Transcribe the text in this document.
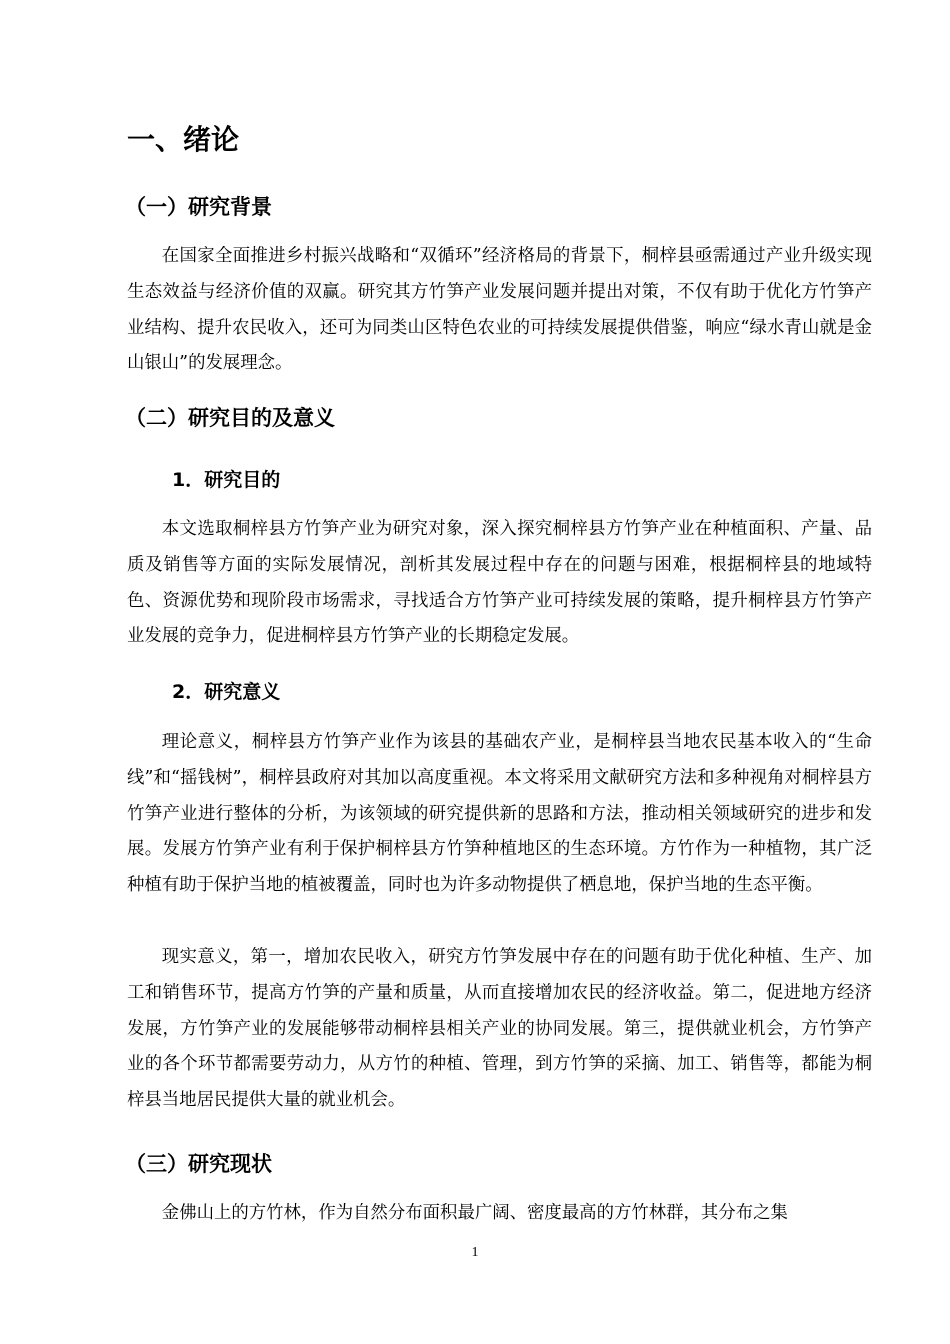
一、绪论
（一）研究背景

在国家全面推进乡村振兴战略和“双循环”经济格局的背景下，桐梓县亟需通过产业升级实现生态效益与经济价值的双赢。研究其方竹笋产业发展问题并提出对策，不仅有助于优化方竹笋产业结构、提升农民收入，还可为同类山区特色农业的可持续发展提供借鉴，响应“绿水青山就是金山银山”的发展理念。

（二）研究目的及意义
1．研究目的

本文选取桐梓县方竹笋产业为研究对象，深入探究桐梓县方竹笋产业在种植面积、产量、品质及销售等方面的实际发展情况，剖析其发展过程中存在的问题与困难，根据桐梓县的地域特色、资源优势和现阶段市场需求，寻找适合方竹笋产业可持续发展的策略，提升桐梓县方竹笋产业发展的竞争力，促进桐梓县方竹笋产业的长期稳定发展。

2．研究意义

理论意义，桐梓县方竹笋产业作为该县的基础农产业，是桐梓县当地农民基本收入的“生命线”和“摇钱树”，桐梓县政府对其加以高度重视。本文将采用文献研究方法和多种视角对桐梓县方竹笋产业进行整体的分析，为该领域的研究提供新的思路和方法，推动相关领域研究的进步和发展。发展方竹笋产业有利于保护桐梓县方竹笋种植地区的生态环境。方竹作为一种植物，其广泛种植有助于保护当地的植被覆盖，同时也为许多动物提供了栖息地，保护当地的生态平衡。

现实意义，第一，增加农民收入，研究方竹笋发展中存在的问题有助于优化种植、生产、加工和销售环节，提高方竹笋的产量和质量，从而直接增加农民的经济收益。第二，促进地方经济发展，方竹笋产业的发展能够带动桐梓县相关产业的协同发展。第三，提供就业机会，方竹笋产业的各个环节都需要劳动力，从方竹的种植、管理，到方竹笋的采摘、加工、销售等，都能为桐梓县当地居民提供大量的就业机会。

（三）研究现状

金佛山上的方竹林，作为自然分布面积最广阔、密度最高的方竹林群，其分布之集

1
